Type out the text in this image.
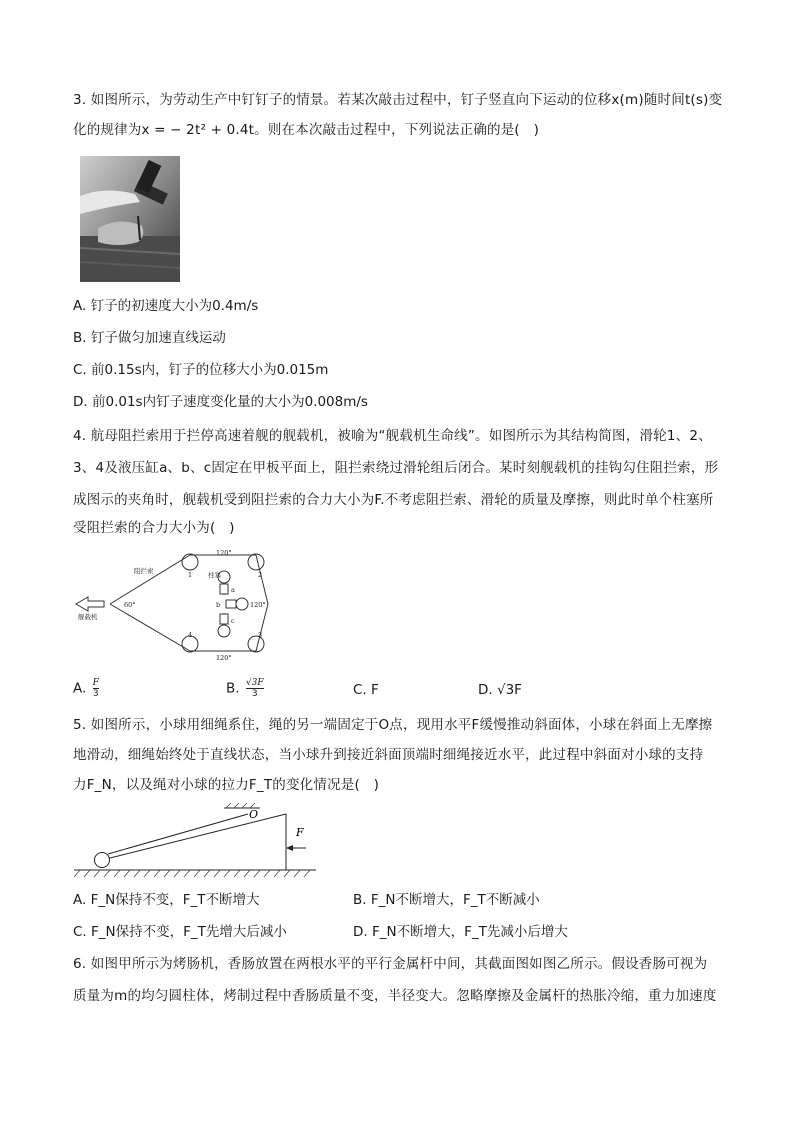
3. 如图所示，为劳动生产中钉钉子的情景。若某次敲击过程中，钉子竖直向下运动的位移x(m)随时间t(s)变
化的规律为x = − 2t² + 0.4t。则在本次敲击过程中，下列说法正确的是(　)
A. 钉子的初速度大小为0.4m/s
B. 钉子做匀加速直线运动
C. 前0.15s内，钉子的位移大小为0.015m
D. 前0.01s内钉子速度变化量的大小为0.008m/s
4. 航母阻拦索用于拦停高速着舰的舰载机，被喻为“舰载机生命线”。如图所示为其结构简图，滑轮1、2、
3、4及液压缸a、b、c固定在甲板平面上，阻拦索绕过滑轮组后闭合。某时刻舰载机的挂钩勾住阻拦索，形
成图示的夹角时，舰载机受到阻拦索的合力大小为F.不考虑阻拦索、滑轮的质量及摩擦，则此时单个柱塞所
受阻拦索的合力大小为(　)
阻拦索
舰载机
柱塞
60°
120°
120°
120°
1	2
3
4
a
b
c
A. $\frac{F}{3}$	B. $\frac{√3F}{3}$	C. F	D. √3F
5. 如图所示，小球用细绳系住，绳的另一端固定于O点，现用水平F缓慢推动斜面体，小球在斜面上无摩擦
地滑动，细绳始终处于直线状态，当小球升到接近斜面顶端时细绳接近水平，此过程中斜面对小球的支持
力F_N，以及绳对小球的拉力F_T的变化情况是(　)
O
F
A. F_N保持不变，F_T不断增大	B. F_N不断增大，F_T不断减小
C. F_N保持不变，F_T先增大后减小	D. F_N不断增大，F_T先减小后增大
6. 如图甲所示为烤肠机，香肠放置在两根水平的平行金属杆中间，其截面图如图乙所示。假设香肠可视为
质量为m的均匀圆柱体，烤制过程中香肠质量不变，半径变大。忽略摩擦及金属杆的热胀冷缩，重力加速度
